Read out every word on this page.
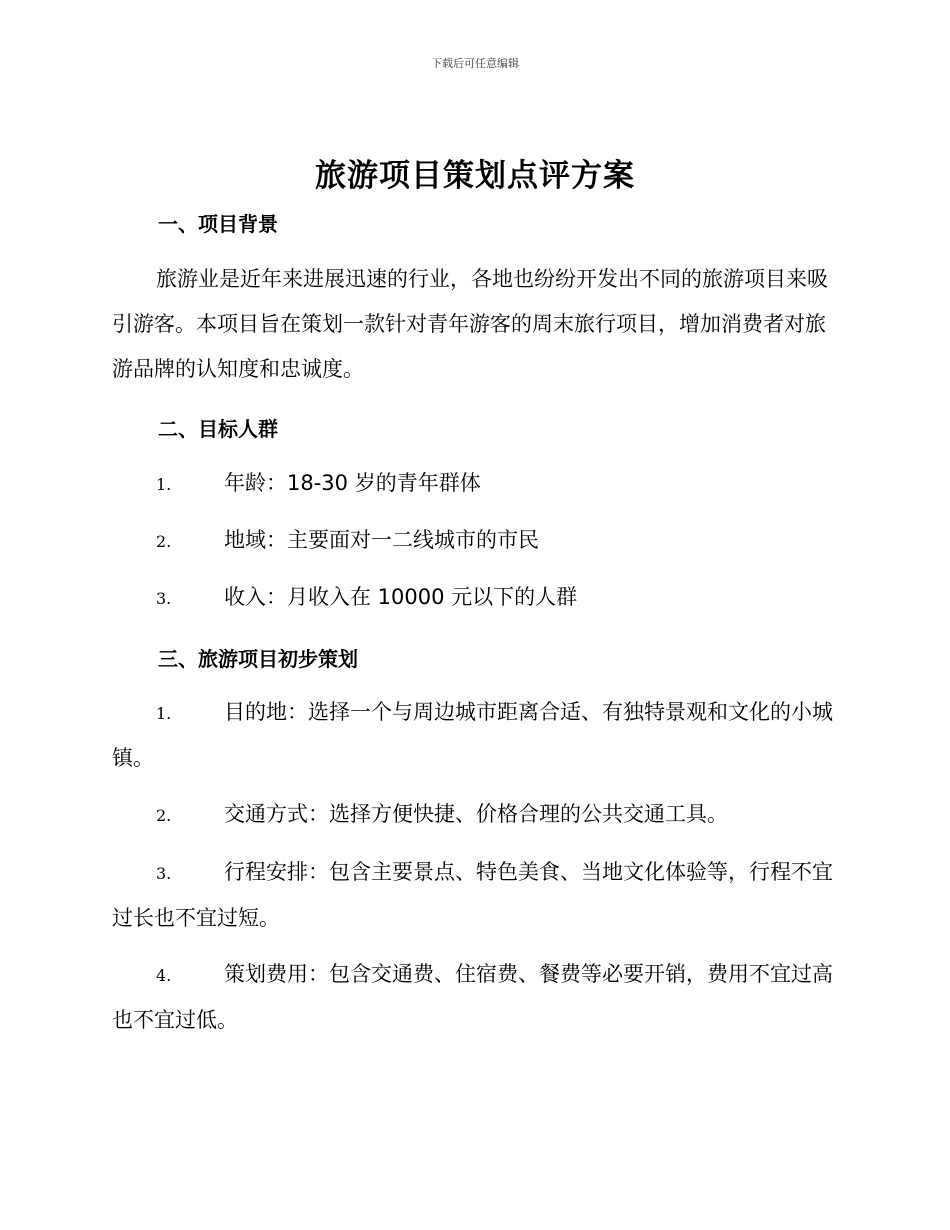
下载后可任意编辑
旅游项目策划点评方案
一、项目背景
旅游业是近年来进展迅速的行业，各地也纷纷开发出不同的旅游项目来吸引游客。本项目旨在策划一款针对青年游客的周末旅行项目，增加消费者对旅游品牌的认知度和忠诚度。
二、目标人群
1.	年龄：18-30 岁的青年群体
2.	地域：主要面对一二线城市的市民
3.	收入：月收入在 10000 元以下的人群
三、旅游项目初步策划
1.	目的地：选择一个与周边城市距离合适、有独特景观和文化的小城镇。
2.	交通方式：选择方便快捷、价格合理的公共交通工具。
3.	行程安排：包含主要景点、特色美食、当地文化体验等，行程不宜过长也不宜过短。
4.	策划费用：包含交通费、住宿费、餐费等必要开销，费用不宜过高也不宜过低。
